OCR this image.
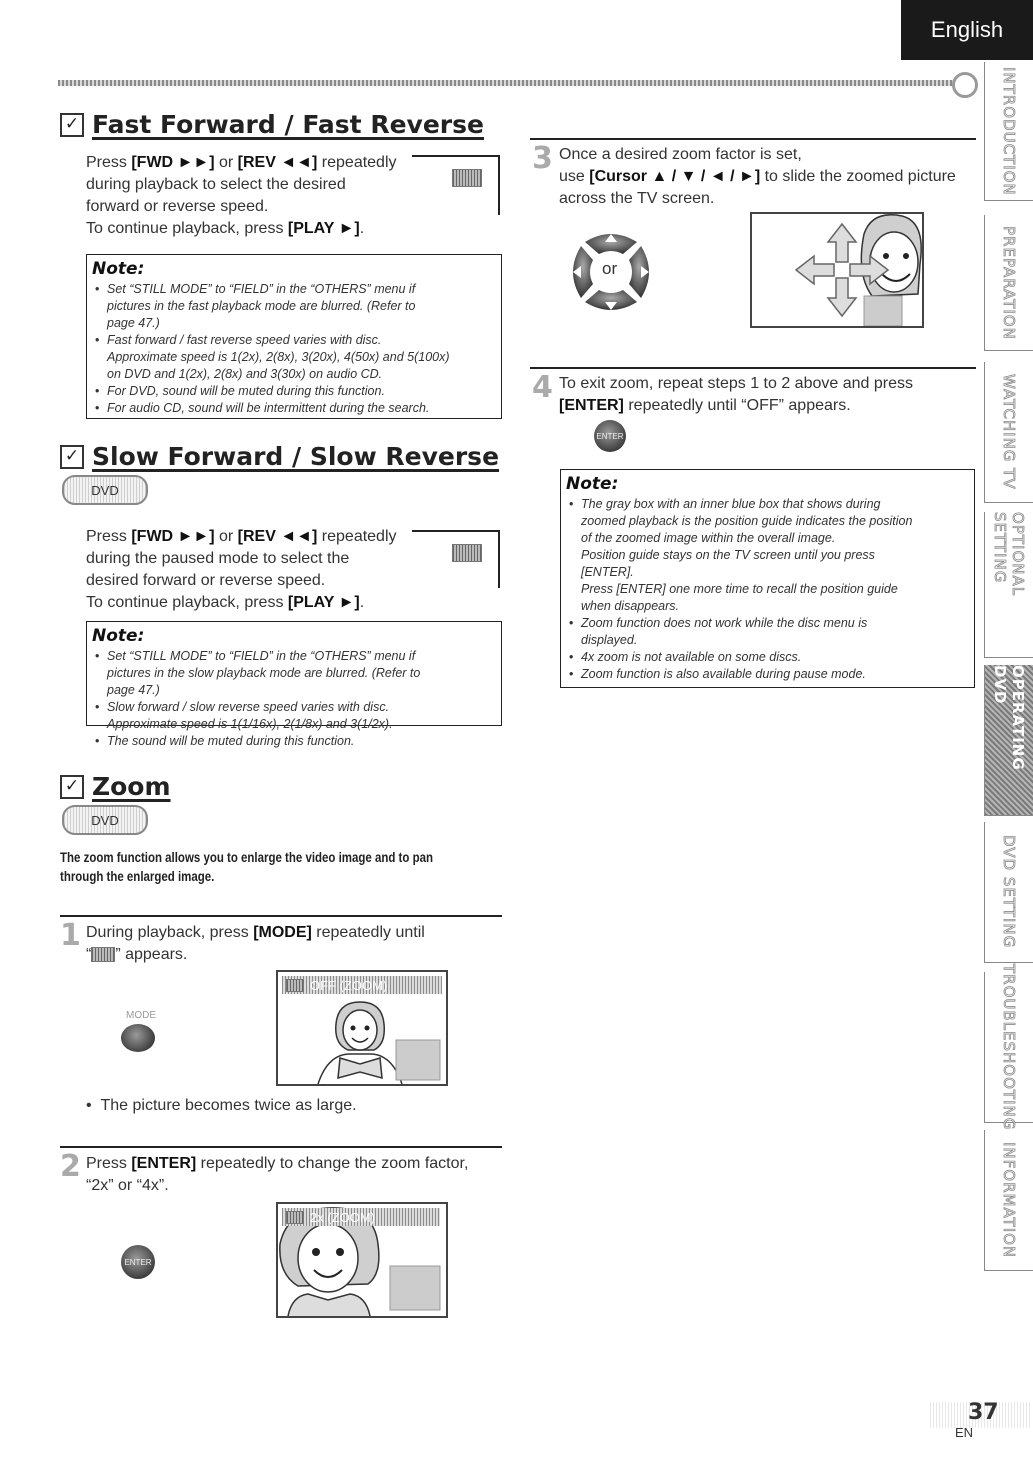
English
INTRODUCTION
PREPARATION
WATCHING TV
OPTIONAL SETTING
OPERATING DVD
DVD SETTING
TROUBLESHOOTING
INFORMATION
✓ Fast Forward / Fast Reverse
Press [FWD ►►] or [REV ◄◄] repeatedly
during playback to select the desired
forward or reverse speed.
To continue playback, press [PLAY ►].
Note:
• Set “STILL MODE” to “FIELD” in the “OTHERS” menu if
pictures in the fast playback mode are blurred. (Refer to
page 47.)
• Fast forward / fast reverse speed varies with disc.
Approximate speed is 1(2x), 2(8x), 3(20x), 4(50x) and 5(100x)
on DVD and 1(2x), 2(8x) and 3(30x) on audio CD.
• For DVD, sound will be muted during this function.
• For audio CD, sound will be intermittent during the search.
✓ Slow Forward / Slow Reverse
DVD
Press [FWD ►►] or [REV ◄◄] repeatedly
during the paused mode to select the
desired forward or reverse speed.
To continue playback, press [PLAY ►].
Note:
• Set “STILL MODE” to “FIELD” in the “OTHERS” menu if
pictures in the slow playback mode are blurred. (Refer to
page 47.)
• Slow forward / slow reverse speed varies with disc.
Approximate speed is 1(1/16x), 2(1/8x) and 3(1/2x).
• The sound will be muted during this function.
✓ Zoom
DVD
The zoom function allows you to enlarge the video image and to pan
through the enlarged image.
1 During playback, press [MODE] repeatedly until
“ ” appears.
MODE
OFF (ZOOM)
•  The picture becomes twice as large.
2 Press [ENTER] repeatedly to change the zoom factor,
“2x” or “4x”.
ENTER
2x (ZOOM)
3 Once a desired zoom factor is set,
use [Cursor ▲ / ▼ / ◄ / ►] to slide the zoomed picture
across the TV screen.
or
4 To exit zoom, repeat steps 1 to 2 above and press
[ENTER] repeatedly until “OFF” appears.
ENTER
Note:
• The gray box with an inner blue box that shows during
zoomed playback is the position guide indicates the position
of the zoomed image within the overall image.
Position guide stays on the TV screen until you press
[ENTER].
Press [ENTER] one more time to recall the position guide
when disappears.
• Zoom function does not work while the disc menu is
displayed.
• 4x zoom is not available on some discs.
• Zoom function is also available during pause mode.
37
EN
